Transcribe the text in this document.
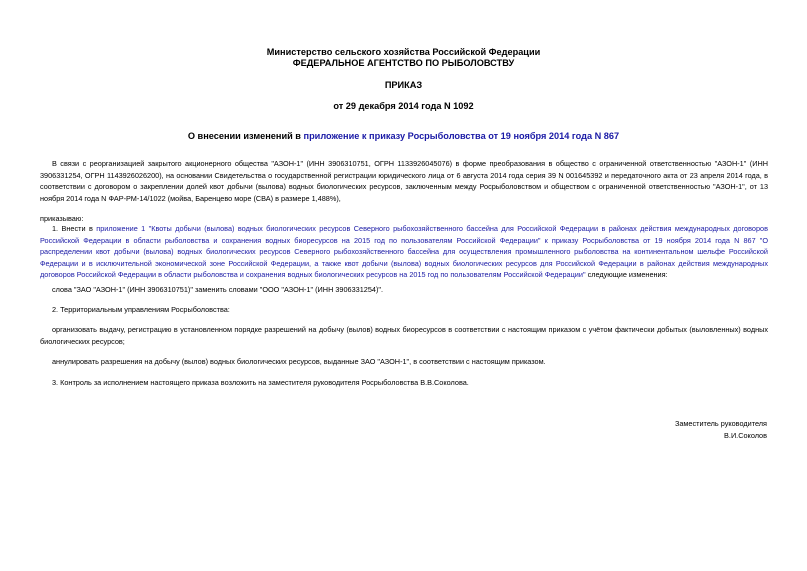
Министерство сельского хозяйства Российской Федерации
ФЕДЕРАЛЬНОЕ АГЕНТСТВО ПО РЫБОЛОВСТВУ
ПРИКАЗ
от 29 декабря 2014 года N 1092
О внесении изменений в приложение к приказу Росрыболовства от 19 ноября 2014 года N 867
В связи с реорганизацией закрытого акционерного общества "АЗОН-1" (ИНН 3906310751, ОГРН 1133926045076) в форме преобразования в общество с ограниченной ответственностью "АЗОН-1" (ИНН 3906331254, ОГРН 1143926026200), на основании Свидетельства о государственной регистрации юридического лица от 6 августа 2014 года серия 39 N 001645392 и передаточного акта от 23 апреля 2014 года, в соответствии с договором о закреплении долей квот добычи (вылова) водных биологических ресурсов, заключенным между Росрыболовством и обществом с ограниченной ответственностью "АЗОН-1", от 13 ноября 2014 года N ФАР-РМ-14/1022 (мойва, Баренцево море (СВА) в размере 1,488%),
приказываю:
1. Внести в приложение 1 "Квоты добычи (вылова) водных биологических ресурсов Северного рыбохозяйственного бассейна для Российской Федерации в районах действия международных договоров Российской Федерации в области рыболовства и сохранения водных биоресурсов на 2015 год по пользователям Российской Федерации" к приказу Росрыболовства от 19 ноября 2014 года N 867 "О распределении квот добычи (вылова) водных биологических ресурсов Северного рыбохозяйственного бассейна для осуществления промышленного рыболовства на континентальном шельфе Российской Федерации и в исключительной экономической зоне Российской Федерации, а также квот добычи (вылова) водных биологических ресурсов для Российской Федерации в районах действия международных договоров Российской Федерации в области рыболовства и сохранения водных биологических ресурсов на 2015 год по пользователям Российской Федерации" следующие изменения:
слова "ЗАО "АЗОН-1" (ИНН 3906310751)" заменить словами "ООО "АЗОН-1" (ИНН 3906331254)".
2. Территориальным управлениям Росрыболовства:
организовать выдачу, регистрацию в установленном порядке разрешений на добычу (вылов) водных биоресурсов в соответствии с настоящим приказом с учётом фактически добытых (выловленных) водных биологических ресурсов;
аннулировать разрешения на добычу (вылов) водных биологических ресурсов, выданные ЗАО "АЗОН-1", в соответствии с настоящим приказом.
3. Контроль за исполнением настоящего приказа возложить на заместителя руководителя Росрыболовства В.В.Соколова.
Заместитель руководителя
В.И.Соколов
